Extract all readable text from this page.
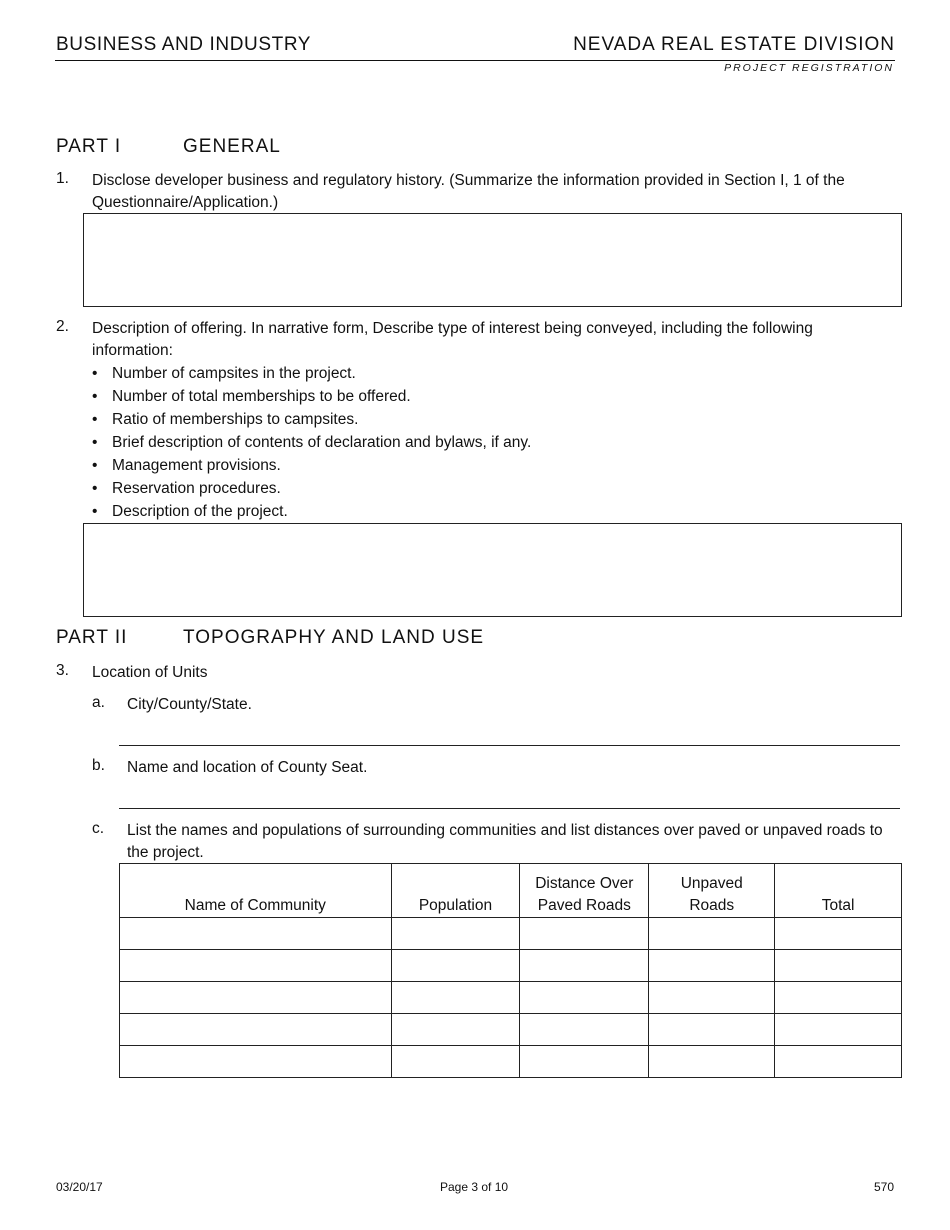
BUSINESS AND INDUSTRY	NEVADA REAL ESTATE DIVISION
PROJECT REGISTRATION
PART I	GENERAL
1. Disclose developer business and regulatory history. (Summarize the information provided in Section I, 1 of the Questionnaire/Application.)
2. Description of offering. In narrative form, Describe type of interest being conveyed, including the following information:
• Number of campsites in the project.
• Number of total memberships to be offered.
• Ratio of memberships to campsites.
• Brief description of contents of declaration and bylaws, if any.
• Management provisions.
• Reservation procedures.
• Description of the project.
PART II	TOPOGRAPHY AND LAND USE
3. Location of Units
a. City/County/State.
b. Name and location of County Seat.
c. List the names and populations of surrounding communities and list distances over paved or unpaved roads to the project.
Name of Community	Population	Distance Over Paved Roads	Unpaved Roads	Total

03/20/17	Page 3 of 10	570
